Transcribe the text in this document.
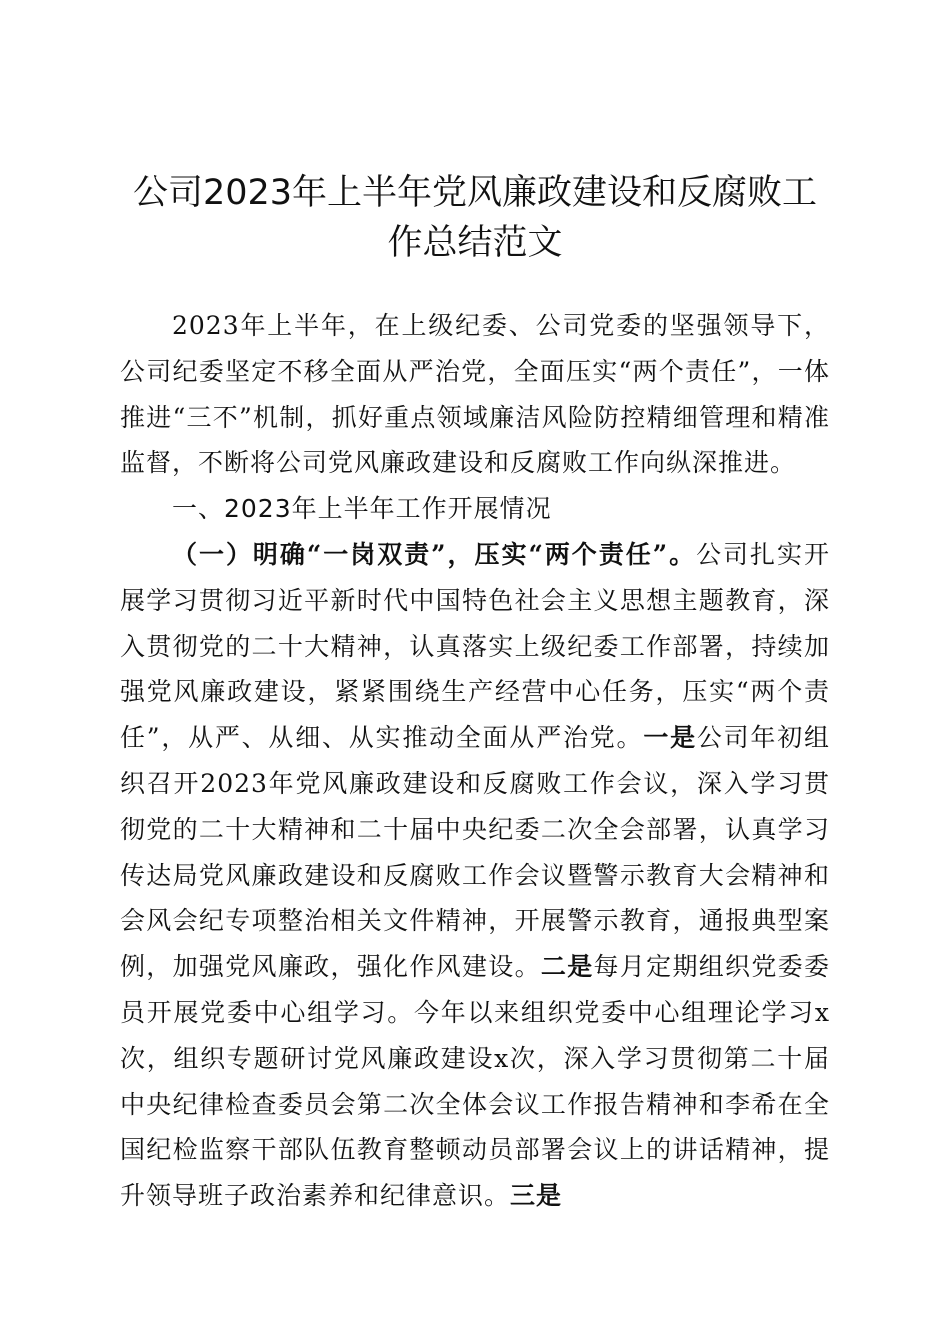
公司2023年上半年党风廉政建设和反腐败工作总结范文

2023年上半年，在上级纪委、公司党委的坚强领导下，公司纪委坚定不移全面从严治党，全面压实“两个责任”，一体推进“三不”机制，抓好重点领域廉洁风险防控精细管理和精准监督，不断将公司党风廉政建设和反腐败工作向纵深推进。

一、2023年上半年工作开展情况

（一）明确“一岗双责”，压实“两个责任”。公司扎实开展学习贯彻习近平新时代中国特色社会主义思想主题教育，深入贯彻党的二十大精神，认真落实上级纪委工作部署，持续加强党风廉政建设，紧紧围绕生产经营中心任务，压实“两个责任”，从严、从细、从实推动全面从严治党。一是公司年初组织召开2023年党风廉政建设和反腐败工作会议，深入学习贯彻党的二十大精神和二十届中央纪委二次全会部署，认真学习传达局党风廉政建设和反腐败工作会议暨警示教育大会精神和会风会纪专项整治相关文件精神，开展警示教育，通报典型案例，加强党风廉政，强化作风建设。二是每月定期组织党委委员开展党委中心组学习。今年以来组织党委中心组理论学习x次，组织专题研讨党风廉政建设x次，深入学习贯彻第二十届中央纪律检查委员会第二次全体会议工作报告精神和李希在全国纪检监察干部队伍教育整顿动员部署会议上的讲话精神，提升领导班子政治素养和纪律意识。三是
